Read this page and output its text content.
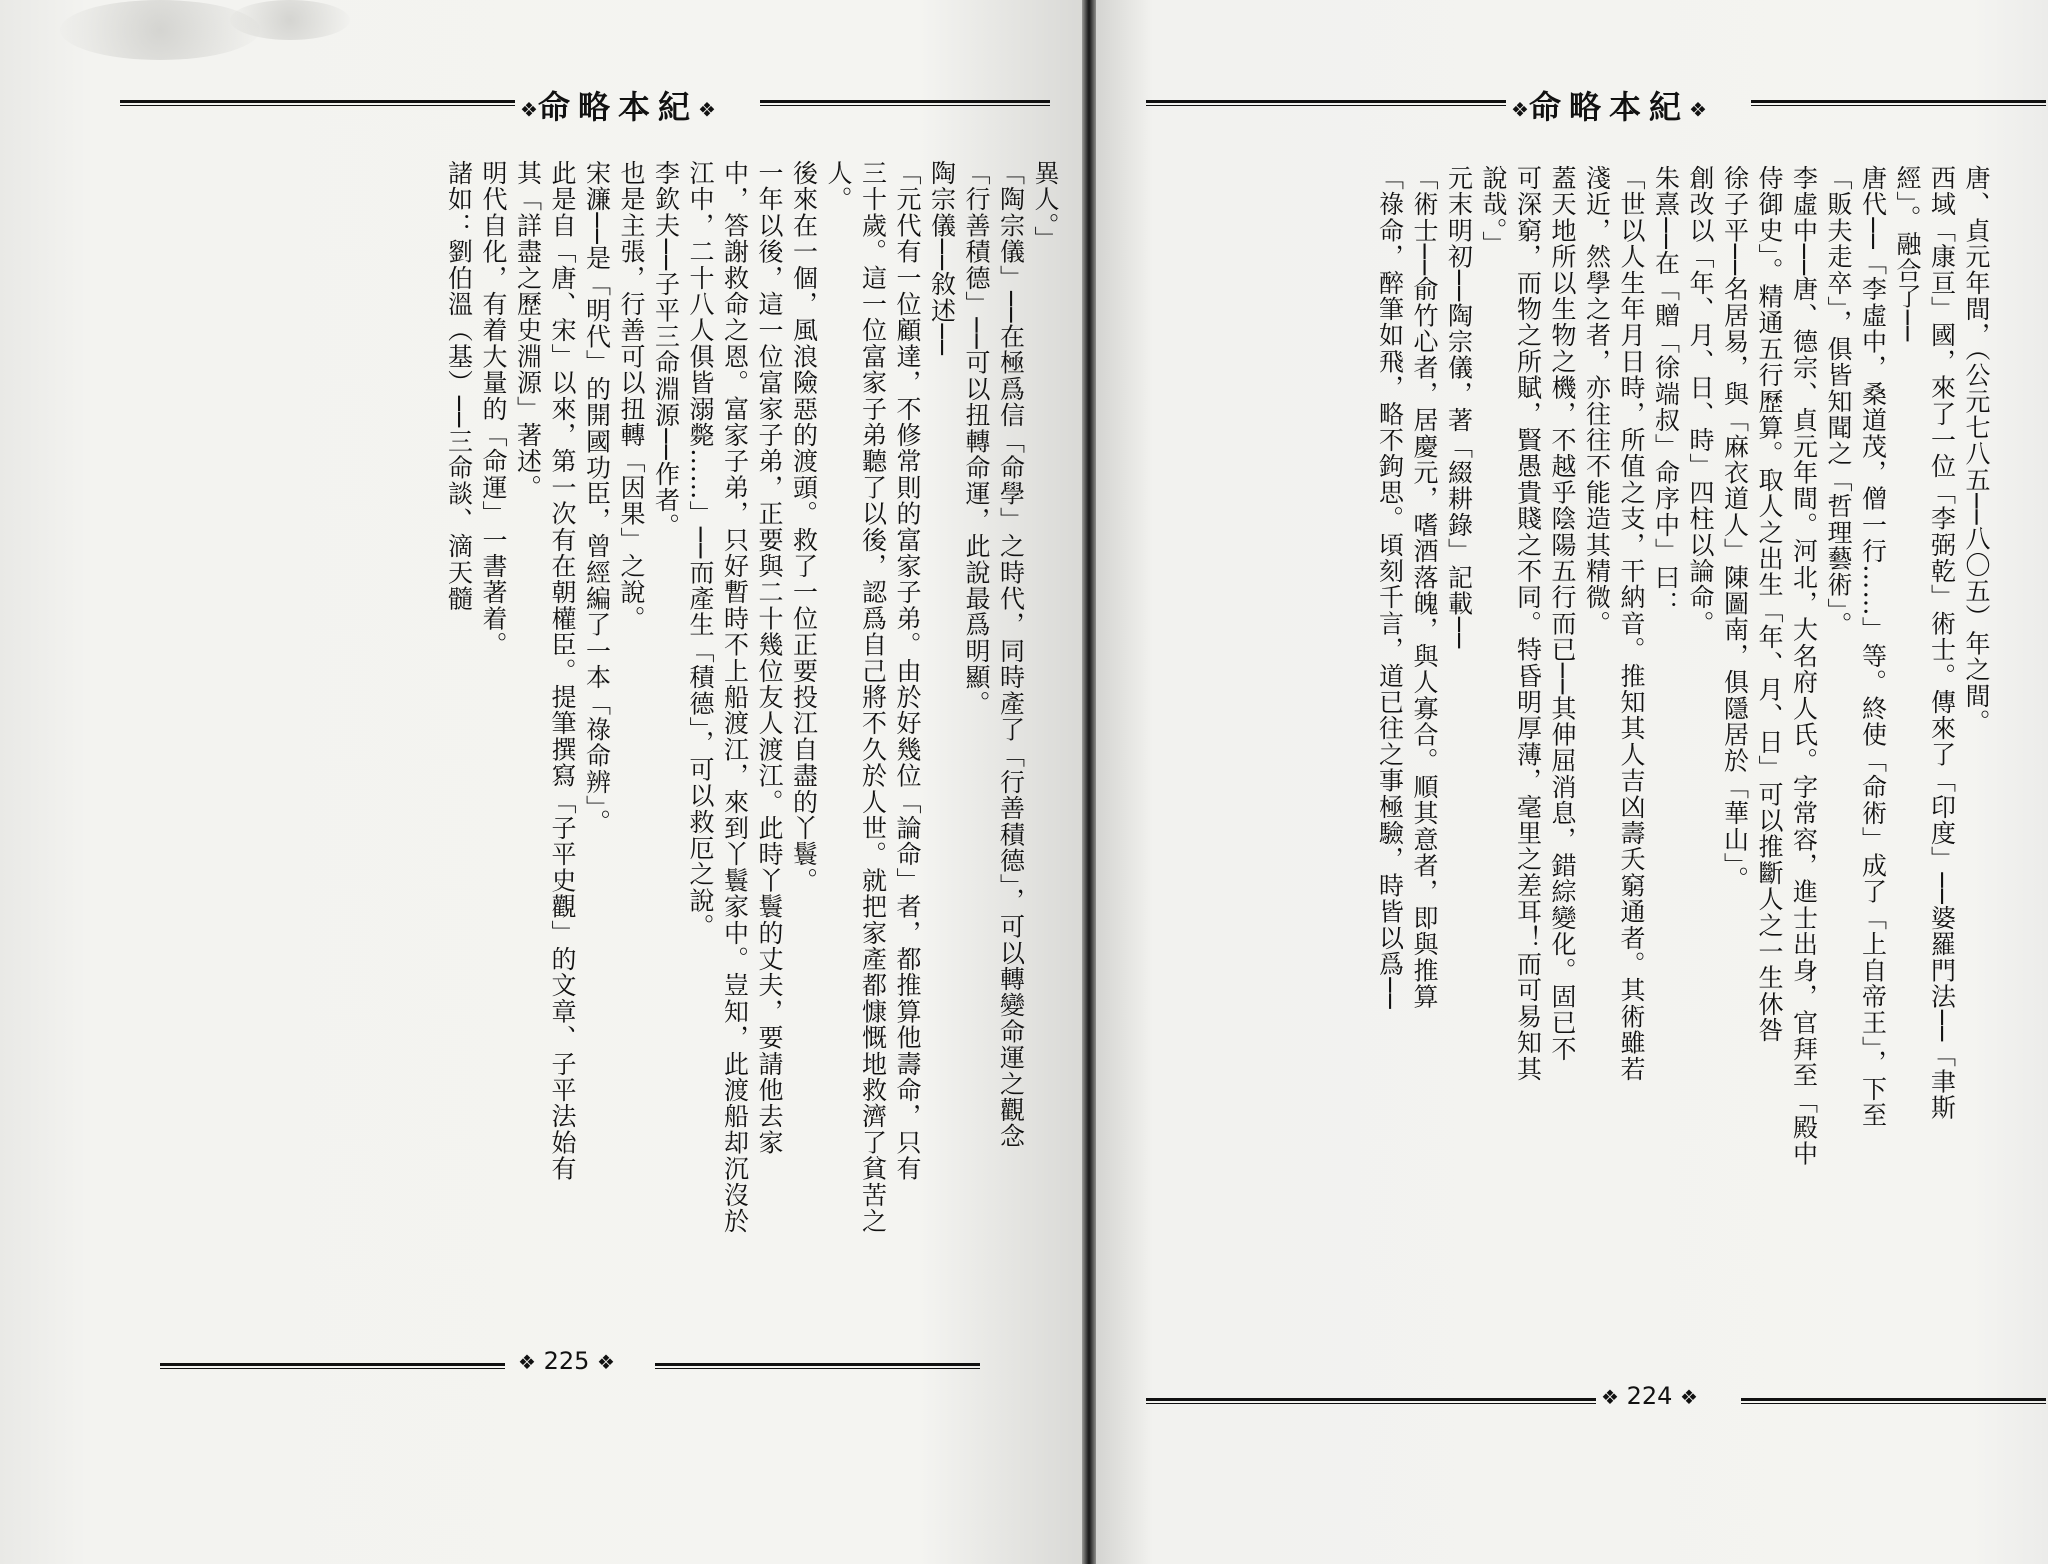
❖命略本紀❖
異人。」
「陶宗儀」──在極爲信「命學」之時代，同時產了「行善積德」，可以轉變命運之觀念
「行善積德」──可以扭轉命運，此說最爲明顯。
陶宗儀──敘述──
「元代有一位顧達，不修常則的富家子弟。由於好幾位「論命」者，都推算他壽命，只有
三十歲。這一位富家子弟聽了以後，認爲自己將不久於人世。就把家產都慷慨地救濟了貧苦之
人。
後來在一個，風浪險惡的渡頭。救了一位正要投江自盡的丫鬟。
一年以後，這一位富家子弟，正要與二十幾位友人渡江。此時丫鬟的丈夫，要請他去家
中，答謝救命之恩。富家子弟，只好暫時不上船渡江，來到丫鬟家中。豈知，此渡船却沉沒於
江中，二十八人俱皆溺斃……」──而產生「積德」，可以救厄之說。
李欽夫──子平三命淵源──作者。
也是主張，行善可以扭轉「因果」之說。
宋濂──是「明代」的開國功臣，曾經編了一本「祿命辨」。
此是自「唐、宋」以來，第一次有在朝權臣。提筆撰寫「子平史觀」的文章、子平法始有
其「詳盡之歷史淵源」著述。
明代自化，有着大量的「命運」一書著着。
諸如：劉伯溫（基）──三命談、滴天髓

❖ 225 ❖
❖命略本紀❖
唐、貞元年間，（公元七八五──八〇五）年之間。
西域「康亘」國，來了一位「李弼乾」術士。傳來了「印度」──婆羅門法──「聿斯
經」。融合了──
唐代──「李虛中，桑道茂，僧一行……」等。終使「命術」成了「上自帝王」，下至
「販夫走卒」，俱皆知聞之「哲理藝術」。
李虛中──唐、德宗、貞元年間。河北，大名府人氏。字常容，進士出身，官拜至「殿中
侍御史」。精通五行歷算。取人之出生「年、月、日」可以推斷人之一生休咎
徐子平──名居易，與「麻衣道人」陳圖南，俱隱居於「華山」。
創改以「年、月、日、時」四柱以論命。
朱熹──在「贈「徐端叔」命序中」曰：
「世以人生年月日時，所值之支，干納音。推知其人吉凶壽夭窮通者。其術雖若
淺近，然學之者，亦往往不能造其精微。
蓋天地所以生物之機，不越乎陰陽五行而已──其伸屈消息，錯綜變化。固已不
可深窮，而物之所賦，賢愚貴賤之不同。特昏明厚薄，毫里之差耳！而可易知其
說哉。」
元末明初──陶宗儀，著「綴耕錄」記載──
「術士──俞竹心者，居慶元，嗜酒落魄，與人寡合。順其意者，即與推算
「祿命，醉筆如飛，略不鉤思。頃刻千言，道已往之事極驗，時皆以爲──
❖ 224 ❖
